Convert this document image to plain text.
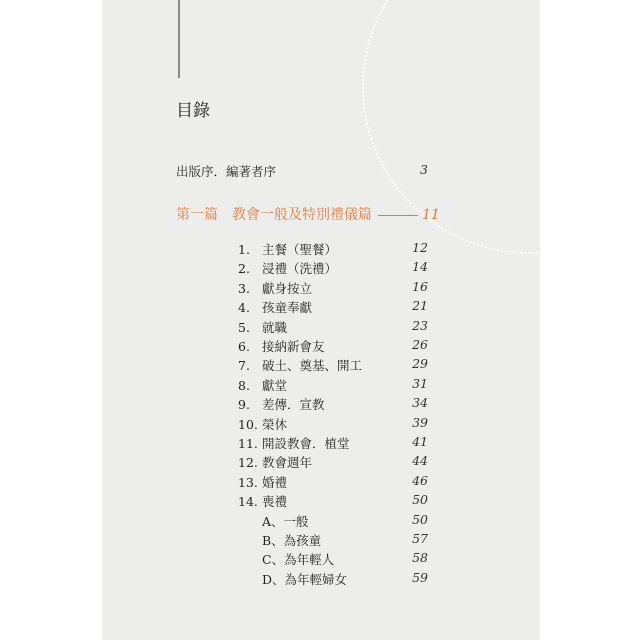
目錄
出版序．編著者序	3
第一篇 教會一般及特別禮儀篇	11
1. 主餐（聖餐）	12
2. 浸禮（洗禮）	14
3. 獻身按立	16
4. 孩童奉獻	21
5. 就職	23
6. 接納新會友	26
7. 破土、奠基、開工	29
8. 獻堂	31
9. 差傳．宣教	34
10. 榮休	39
11. 開設教會．植堂	41
12. 教會週年	44
13. 婚禮	46
14. 喪禮	50
A、一般	50
B、為孩童	57
C、為年輕人	58
D、為年輕婦女	59
